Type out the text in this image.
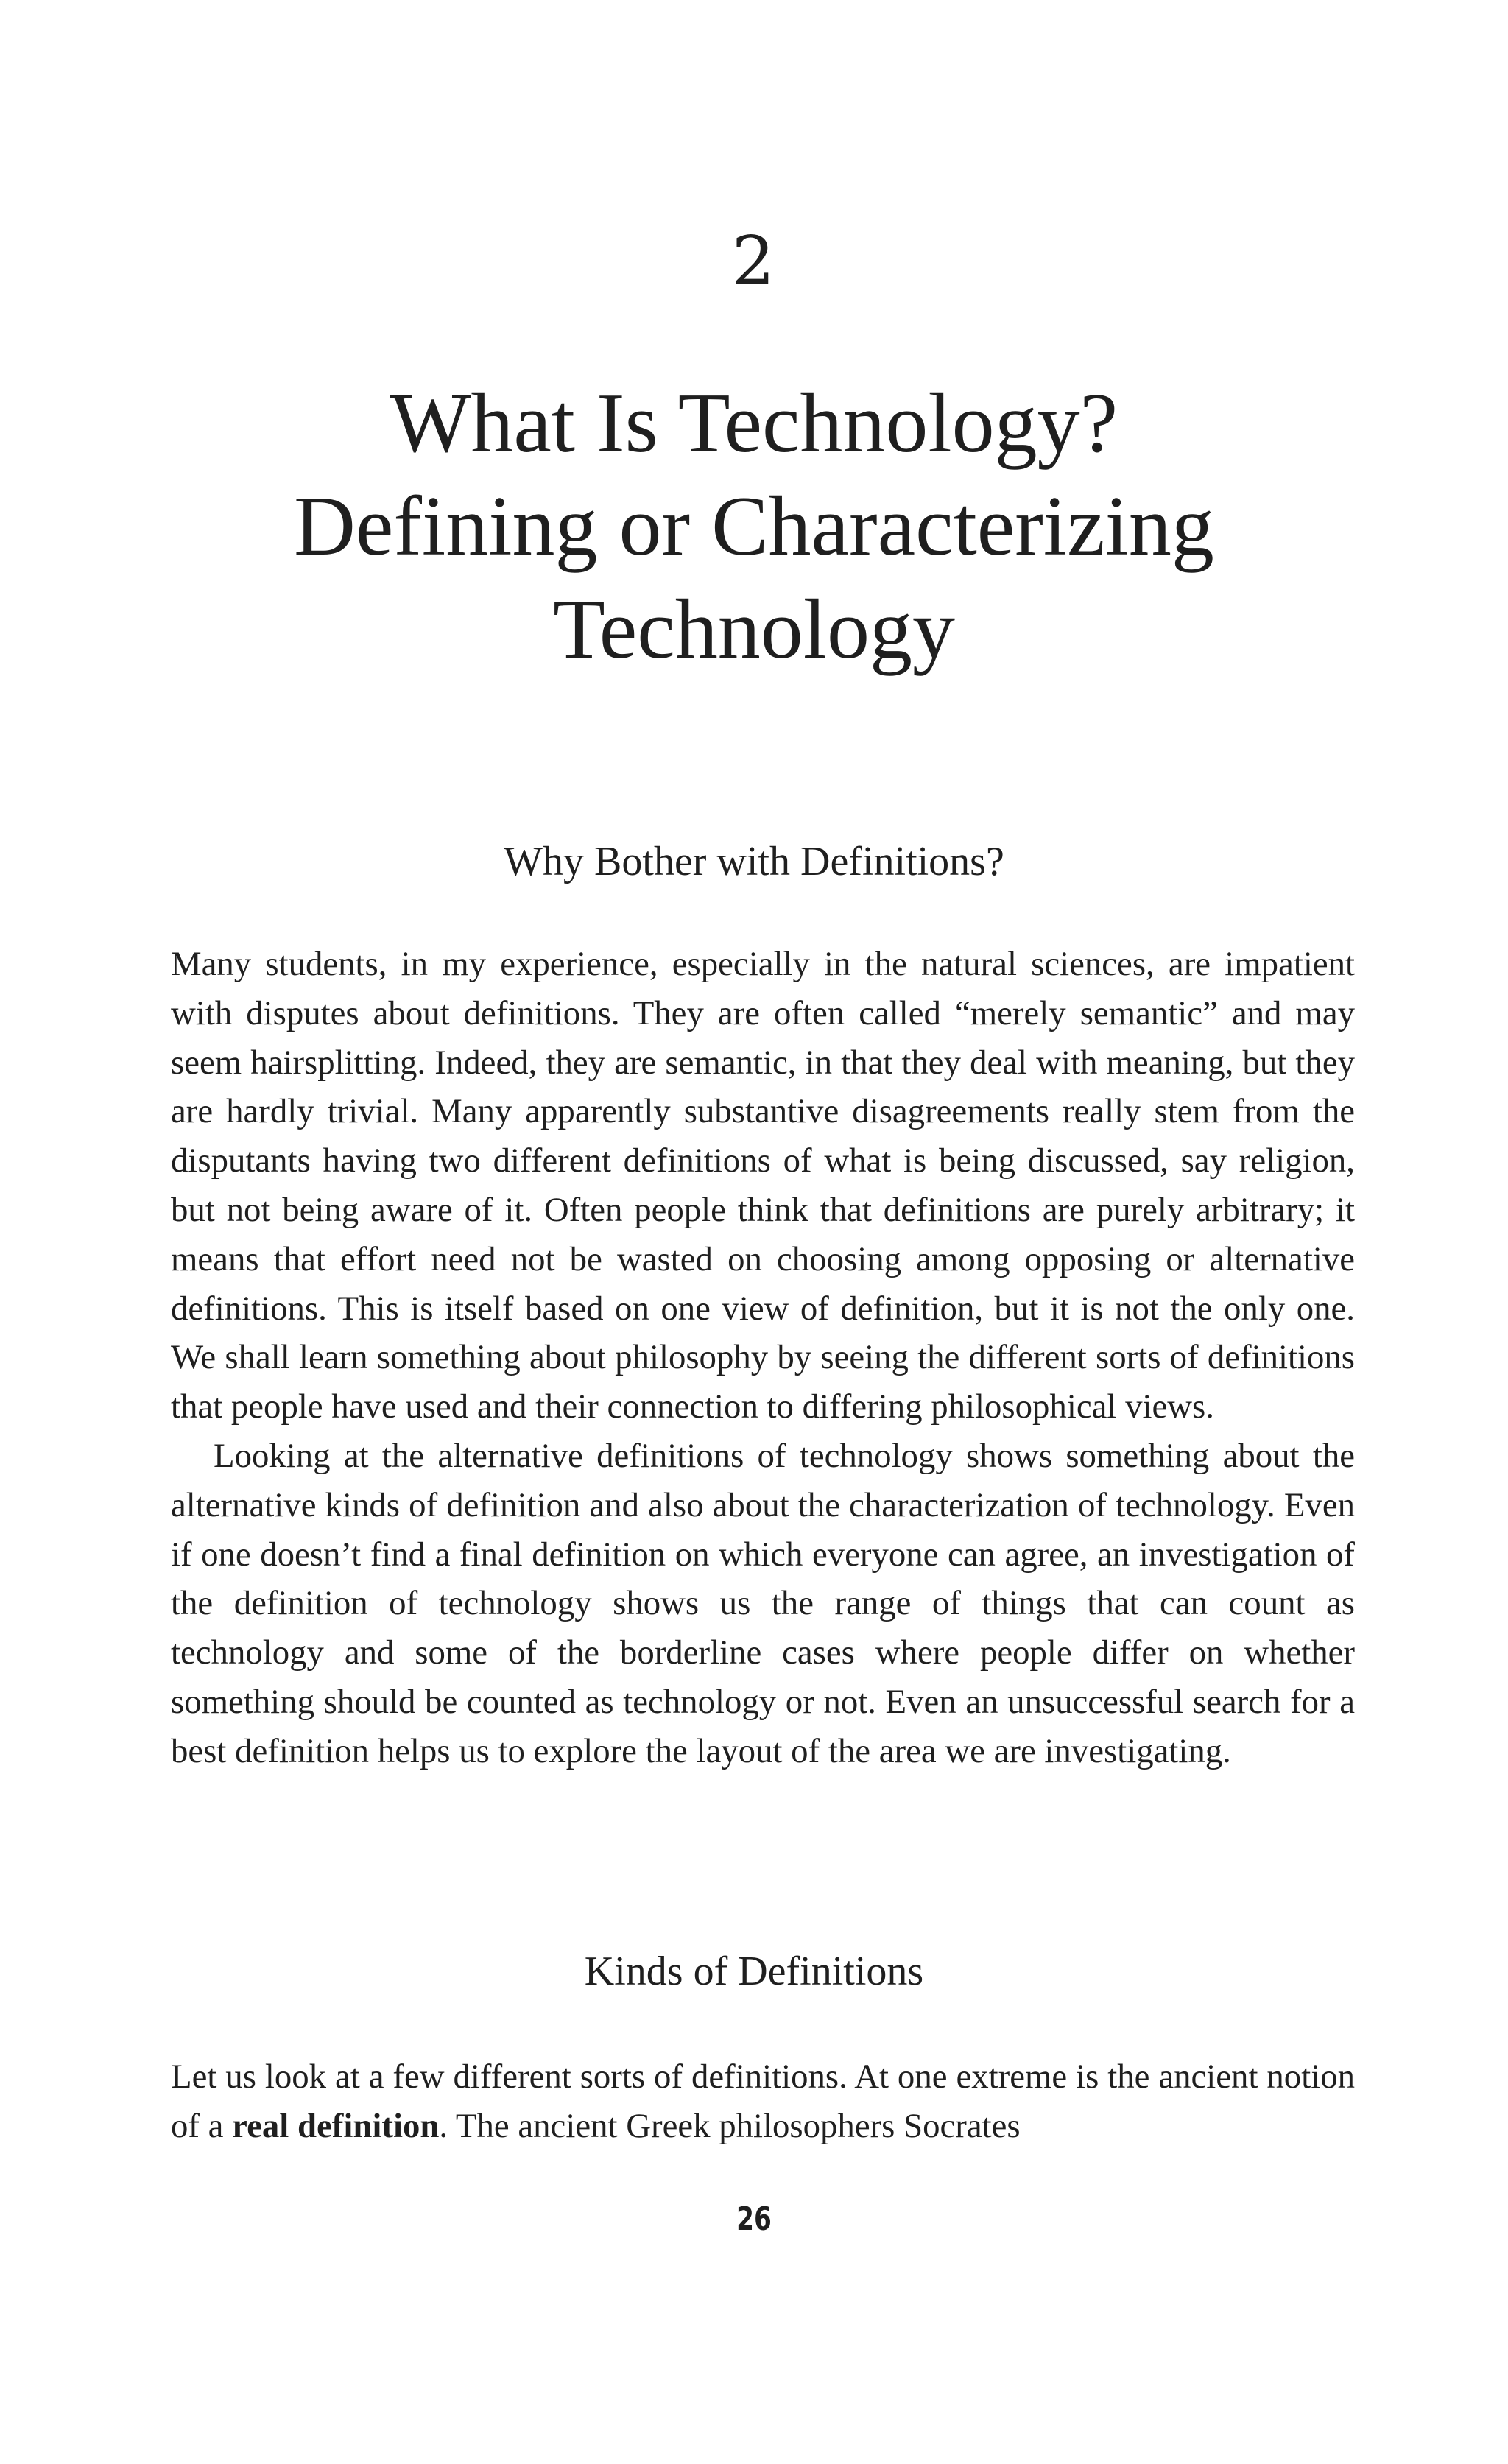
2
What Is Technology?
Defining or Characterizing
Technology
Why Bother with Definitions?

Many students, in my experience, especially in the natural sciences, are impatient with disputes about definitions. They are often called “merely semantic” and may seem hairsplitting. Indeed, they are semantic, in that they deal with meaning, but they are hardly trivial. Many apparently substantive disagreements really stem from the disputants having two different definitions of what is being discussed, say religion, but not being aware of it. Often people think that definitions are purely arbitrary; it means that effort need not be wasted on choosing among opposing or alternative definitions. This is itself based on one view of definition, but it is not the only one. We shall learn something about philosophy by seeing the different sorts of definitions that people have used and their connection to differing philosophical views.

Looking at the alternative definitions of technology shows something about the alternative kinds of definition and also about the characterization of technology. Even if one doesn’t find a final definition on which everyone can agree, an investigation of the definition of technology shows us the range of things that can count as technology and some of the borderline cases where people differ on whether something should be counted as technology or not. Even an unsuccessful search for a best definition helps us to explore the layout of the area we are investigating.

Kinds of Definitions

Let us look at a few different sorts of definitions. At one extreme is the ancient notion of a real definition. The ancient Greek philosophers Socrates

26
